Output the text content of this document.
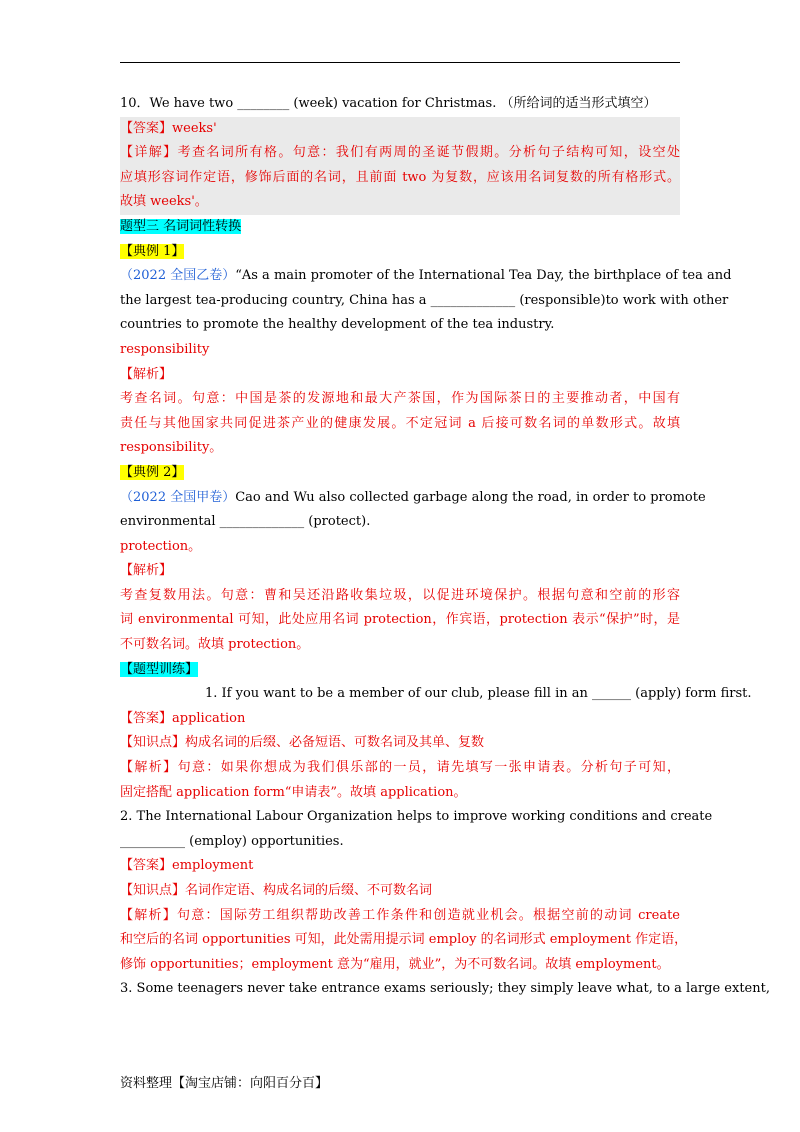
10．We have two ________ (week) vacation for Christmas. （所给词的适当形式填空）
【答案】weeks'
【详解】考查名词所有格。句意：我们有两周的圣诞节假期。分析句子结构可知，设空处
应填形容词作定语，修饰后面的名词，且前面 two 为复数，应该用名词复数的所有格形式。
故填 weeks'。
题型三 名词词性转换
【典例 1】
（2022 全国乙卷）“As a main promoter of the International Tea Day, the birthplace of tea and
the largest tea-producing country, China has a _____________ (responsible)to work with other
countries to promote the healthy development of the tea industry.
responsibility
【解析】
考查名词。句意：中国是茶的发源地和最大产茶国，作为国际茶日的主要推动者，中国有
责任与其他国家共同促进茶产业的健康发展。不定冠词 a 后接可数名词的单数形式。故填
responsibility。
【典例 2】
（2022 全国甲卷）Cao and Wu also collected garbage along the road, in order to promote
environmental _____________ (protect).
protection。
【解析】
考查复数用法。句意：曹和吴还沿路收集垃圾，以促进环境保护。根据句意和空前的形容
词 environmental 可知，此处应用名词 protection，作宾语，protection 表示“保护”时，是
不可数名词。故填 protection。
【题型训练】
1. If you want to be a member of our club, please fill in an ______ (apply) form first.
【答案】application
【知识点】构成名词的后缀、必备短语、可数名词及其单、复数
【解析】句意：如果你想成为我们俱乐部的一员，请先填写一张申请表。分析句子可知，
固定搭配 application form“申请表”。故填 application。
2. The International Labour Organization helps to improve working conditions and create
__________ (employ) opportunities.
【答案】employment
【知识点】名词作定语、构成名词的后缀、不可数名词
【解析】句意：国际劳工组织帮助改善工作条件和创造就业机会。根据空前的动词 create
和空后的名词 opportunities 可知，此处需用提示词 employ 的名词形式 employment 作定语，
修饰 opportunities；employment 意为“雇用，就业”，为不可数名词。故填 employment。
3. Some teenagers never take entrance exams seriously; they simply leave what, to a large extent,
资料整理【淘宝店铺：向阳百分百】
